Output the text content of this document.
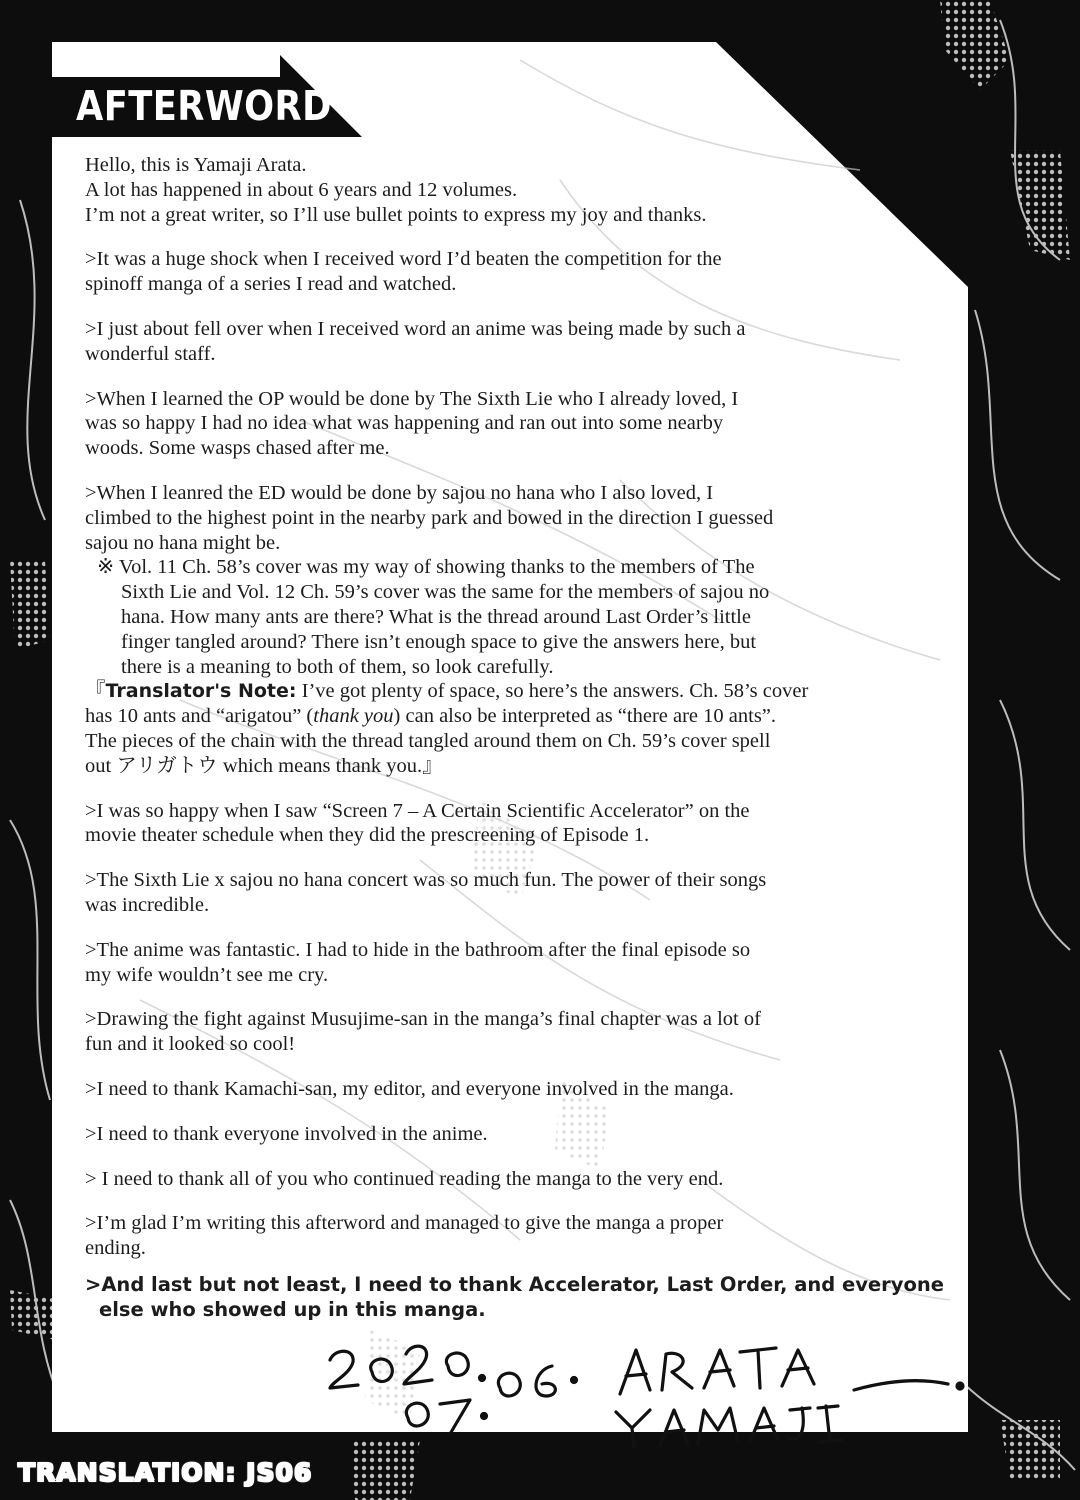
AFTERWORD

Hello, this is Yamaji Arata.
A lot has happened in about 6 years and 12 volumes.
I’m not a great writer, so I’ll use bullet points to express my joy and thanks.

>It was a huge shock when I received word I’d beaten the competition for the
spinoff manga of a series I read and watched.

>I just about fell over when I received word an anime was being made by such a
wonderful staff.

>When I learned the OP would be done by The Sixth Lie who I already loved, I
was so happy I had no idea what was happening and ran out into some nearby
woods. Some wasps chased after me.

>When I leanred the ED would be done by sajou no hana who I also loved, I
climbed to the highest point in the nearby park and bowed in the direction I guessed
sajou no hana might be.

※ Vol. 11 Ch. 58’s cover was my way of showing thanks to the members of The
Sixth Lie and Vol. 12 Ch. 59’s cover was the same for the members of sajou no
hana. How many ants are there? What is the thread around Last Order’s little
finger tangled around? There isn’t enough space to give the answers here, but
there is a meaning to both of them, so look carefully.
『Translator's Note: I’ve got plenty of space, so here’s the answers. Ch. 58’s cover
has 10 ants and “arigatou” (thank you) can also be interpreted as “there are 10 ants”.
The pieces of the chain with the thread tangled around them on Ch. 59’s cover spell
out アリガトウ which means thank you.』

>I was so happy when I saw “Screen 7 – A Certain Scientific Accelerator” on the
movie theater schedule when they did the prescreening of Episode 1.

>The Sixth Lie x sajou no hana concert was so much fun. The power of their songs
was incredible.

>The anime was fantastic. I had to hide in the bathroom after the final episode so
my wife wouldn’t see me cry.

>Drawing the fight against Musujime-san in the manga’s final chapter was a lot of
fun and it looked so cool!

>I need to thank Kamachi-san, my editor, and everyone involved in the manga.

>I need to thank everyone involved in the anime.

> I need to thank all of you who continued reading the manga to the very end.

>I’m glad I’m writing this afterword and managed to give the manga a proper
ending.

>And last but not least, I need to thank Accelerator, Last Order, and everyone
else who showed up in this manga.

2020.07.06.
TRANSLATION: JS06
